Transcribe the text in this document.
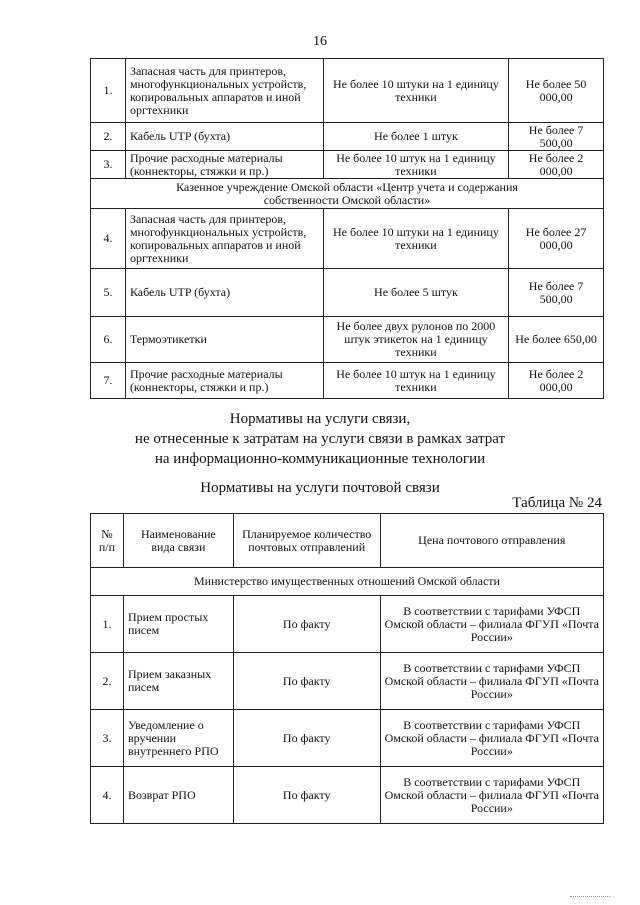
16
1.	Запасная часть для принтеров, многофункциональных устройств, копировальных аппаратов и иной оргтехники	Не более 10 штуки на 1 единицу техники	Не более 50 000,00
2.	Кабель UTP (бухта)	Не более 1 штук	Не более 7 500,00
3.	Прочие расходные материалы (коннекторы, стяжки и пр.)	Не более 10 штук на 1 единицу техники	Не более 2 000,00
Казенное учреждение Омской области «Центр учета и содержания собственности Омской области»			
4.	Запасная часть для принтеров, многофункциональных устройств, копировальных аппаратов и иной оргтехники	Не более 10 штуки на 1 единицу техники	Не более 27 000,00
5.	Кабель UTP (бухта)	Не более 5 штук	Не более 7 500,00
6.	Термоэтикетки	Не более двух рулонов по 2000 штук этикеток на 1 единицу техники	Не более 650,00
7.	Прочие расходные материалы (коннекторы, стяжки и пр.)	Не более 10 штук на 1 единицу техники	Не более 2 000,00
Нормативы на услуги связи,
не отнесенные к затратам на услуги связи в рамках затрат
на информационно-коммуникационные технологии
Нормативы на услуги почтовой связи
Таблица № 24
№ п/п	Наименование вида связи	Планируемое количество почтовых отправлений	Цена почтового отправления
Министерство имущественных отношений Омской области			
1.	Прием простых писем	По факту	В соответствии с тарифами УФСП Омской области – филиала ФГУП «Почта России»
2.	Прием заказных писем	По факту	В соответствии с тарифами УФСП Омской области – филиала ФГУП «Почта России»
3.	Уведомление о вручении внутреннего РПО	По факту	В соответствии с тарифами УФСП Омской области – филиала ФГУП «Почта России»
4.	Возврат РПО	По факту	В соответствии с тарифами УФСП Омской области – филиала ФГУП «Почта России»
